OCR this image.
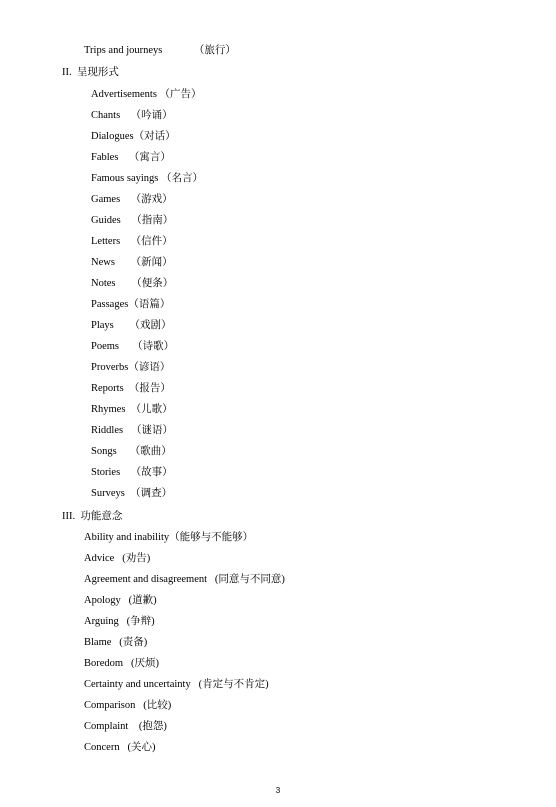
Trips and journeys            （旅行）
II.  呈现形式
Advertisements （广告）
Chants    （吟诵）
Dialogues（对话）
Fables    （寓言）
Famous sayings （名言）
Games    （游戏）
Guides    （指南）
Letters    （信件）
News      （新闻）
Notes      （便条）
Passages（语篇）
Plays      （戏剧）
Poems     （诗歌）
Proverbs（谚语）
Reports  （报告）
Rhymes  （儿歌）
Riddles   （谜语）
Songs     （歌曲）
Stories    （故事）
Surveys  （调查）
III.  功能意念
Ability and inability（能够与不能够）
Advice   (劝告)
Agreement and disagreement   (同意与不同意)
Apology   (道歉)
Arguing   (争辩)
Blame   (责备)
Boredom   (厌烦)
Certainty and uncertainty   (肯定与不肯定)
Comparison   (比较)
Complaint    (抱怨)
Concern   (关心)
3
